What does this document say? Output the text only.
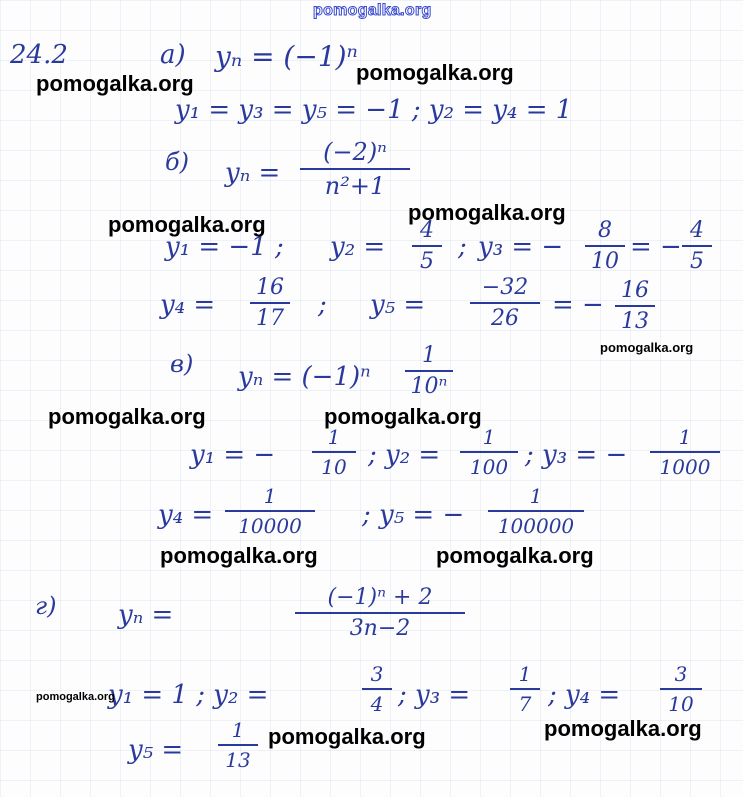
pomogalka.org
24.2	а) yₙ = (−1)ⁿ
y₁ = y₃ = y₅ = −1 ; y₂ = y₄ = 1
б) yₙ =
(−2)ⁿ
n²+1
y₁ = −1 ; y₂ =
4
5 ; y₃ = −
8
10 = −
4
5
y₄ =
16
17 ; y₅ =
−32
26 = − 16
13
в) yₙ = (−1)ⁿ
1
10ⁿ
y₁ = −
1
10 ; y₂ =
1
100 ; y₃ = −
1
1000
y₄ =
1
10000 ; y₅ = −
1
100000
г) yₙ =
(−1)ⁿ + 2
3n−2
y₁ = 1 ; y₂ =
3
4 ; y₃ =
1
7 ; y₄ =
3
10
y₅ =
1
13
pomogalka.org	pomogalka.org
pomogalka.org	pomogalka.org
pomogalka.org
pomogalka.org	pomogalka.org
pomogalka.org	pomogalka.org
pomogalka.org
pomogalka.org
pomogalka.org
